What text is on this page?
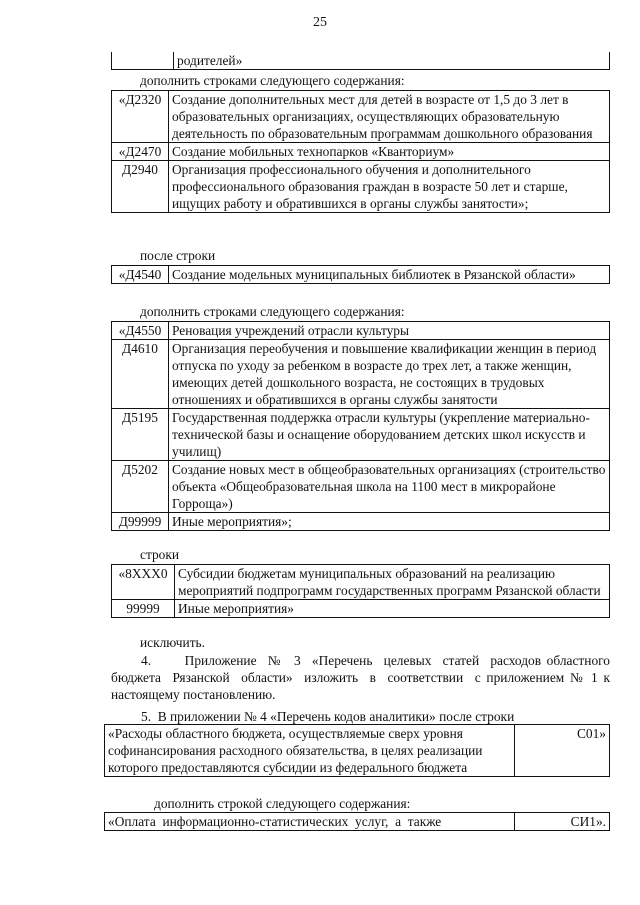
25
	родителей»
дополнить строками следующего содержания:
«Д2320	Создание дополнительных мест для детей в возрасте от 1,5 до 3 лет в образовательных организациях, осуществляющих образовательную деятельность по образовательным программам дошкольного образования
«Д2470	Создание мобильных технопарков «Кванториум»
Д2940	Организация профессионального обучения и дополнительного профессионального образования граждан в возрасте 50 лет и старше, ищущих работу и обратившихся в органы службы занятости»;
после строки
«Д4540	Создание модельных муниципальных библиотек в Рязанской области»
дополнить строками следующего содержания:
«Д4550	Реновация учреждений отрасли культуры
Д4610	Организация переобучения и повышение квалификации женщин в период отпуска по уходу за ребенком в возрасте до трех лет, а также женщин, имеющих детей дошкольного возраста, не состоящих в трудовых отношениях и обратившихся в органы службы занятости
Д5195	Государственная поддержка отрасли культуры (укрепление материально-технической базы и оснащение оборудованием детских школ искусств и училищ)
Д5202	Создание новых мест в общеобразовательных организациях (строительство объекта «Общеобразовательная школа на 1100 мест в микрорайоне Горроща»)
Д99999	Иные мероприятия»;
строки
«8ХХХ0	Субсидии бюджетам муниципальных образований на реализацию мероприятий подпрограмм государственных программ Рязанской области
99999	Иные мероприятия»
исключить.
4.      Приложение  №  3  «Перечень  целевых  статей  расходов областного  бюджета  Рязанской  области»  изложить  в  соответствии  с приложением № 1 к настоящему постановлению.
5.  В приложении № 4 «Перечень кодов аналитики» после строки
«Расходы областного бюджета, осуществляемые сверх уровня софинансирования расходного обязательства, в целях реализации которого предоставляются субсидии из федерального бюджета	С01»
дополнить строкой следующего содержания:
«Оплата  информационно-статистических  услуг,  а  также	СИ1».
